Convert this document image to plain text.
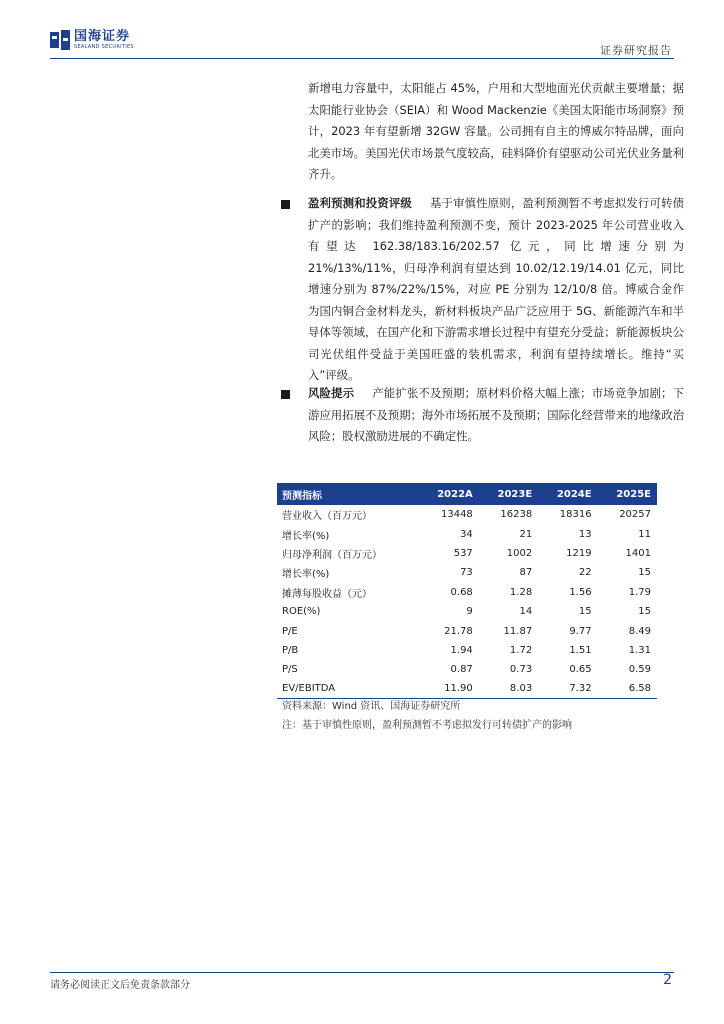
国海证券
SEALAND SECURITIES	证券研究报告
新增电力容量中，太阳能占 45%，户用和大型地面光伏贡献主要增量；据太阳能行业协会（SEIA）和 Wood Mackenzie《美国太阳能市场洞察》预计，2023 年有望新增 32GW 容量。公司拥有自主的博威尔特品牌，面向北美市场。美国光伏市场景气度较高，硅料降价有望驱动公司光伏业务量利齐升。
盈利预测和投资评级 基于审慎性原则，盈利预测暂不考虑拟发行可转债扩产的影响；我们维持盈利预测不变，预计 2023-2025 年公司营业收入有望达 162.38/183.16/202.57 亿元，同比增速分别为 21%/13%/11%，归母净利润有望达到 10.02/12.19/14.01 亿元，同比增速分别为 87%/22%/15%，对应 PE 分别为 12/10/8 倍。博威合金作为国内铜合金材料龙头，新材料板块产品广泛应用于 5G、新能源汽车和半导体等领域，在国产化和下游需求增长过程中有望充分受益；新能源板块公司光伏组件受益于美国旺盛的装机需求，利润有望持续增长。维持“买入”评级。
风险提示 产能扩张不及预期；原材料价格大幅上涨；市场竞争加剧；下游应用拓展不及预期；海外市场拓展不及预期；国际化经营带来的地缘政治风险；股权激励进展的不确定性。
预测指标	2022A	2023E	2024E	2025E
营业收入（百万元）	13448	16238	18316	20257
增长率(%)	34	21	13	11
归母净利润（百万元）	537	1002	1219	1401
增长率(%)	73	87	22	15
摊薄每股收益（元）	0.68	1.28	1.56	1.79
ROE(%)	9	14	15	15
P/E	21.78	11.87	9.77	8.49
P/B	1.94	1.72	1.51	1.31
P/S	0.87	0.73	0.65	0.59
EV/EBITDA	11.90	8.03	7.32	6.58
资料来源：Wind 资讯、国海证券研究所
注：基于审慎性原则，盈利预测暂不考虑拟发行可转债扩产的影响
请务必阅读正文后免责条款部分	2
